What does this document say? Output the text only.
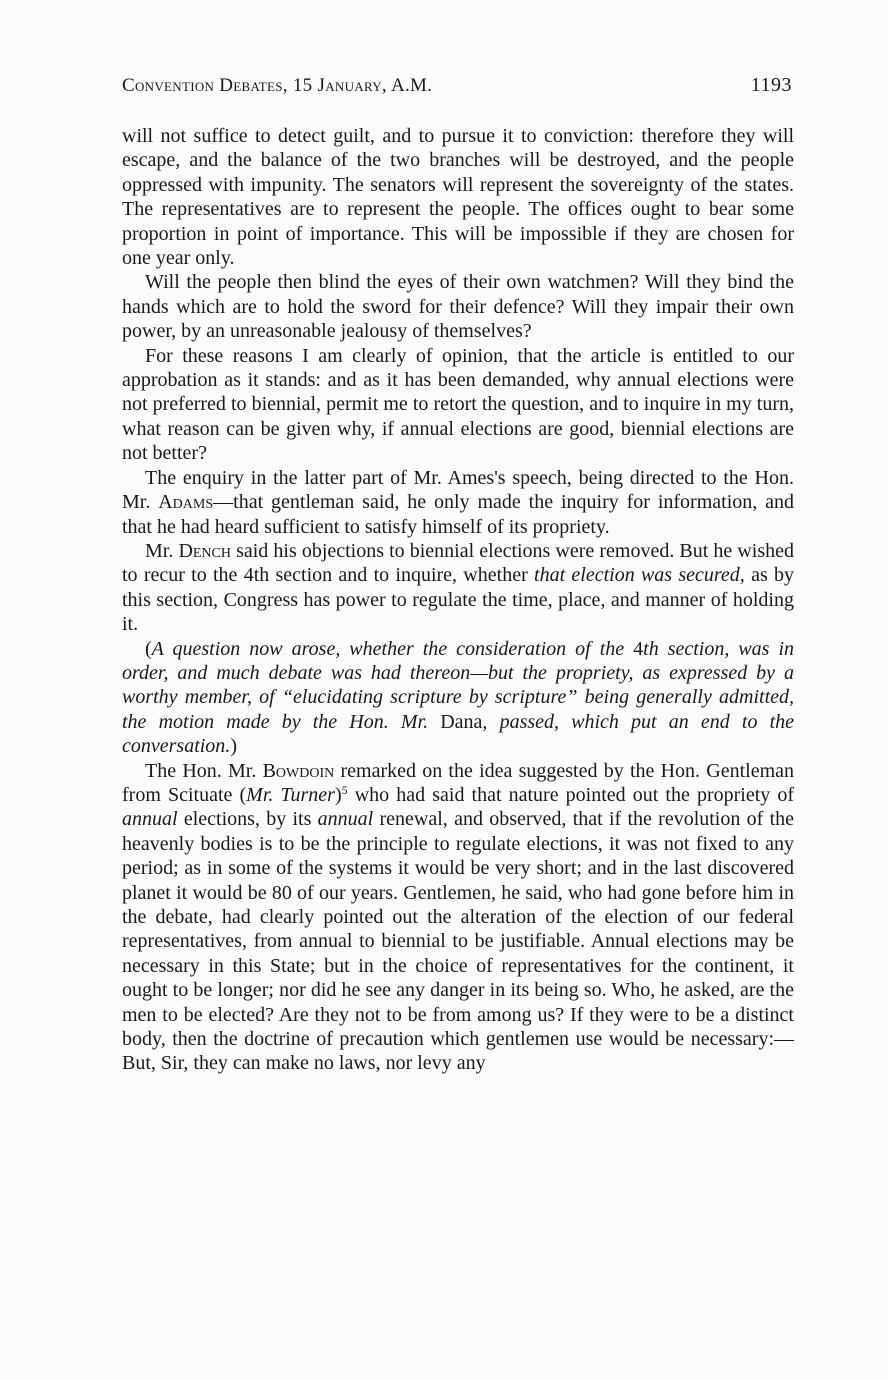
Convention Debates, 15 January, A.M.	1193

will not suffice to detect guilt, and to pursue it to conviction: therefore they will escape, and the balance of the two branches will be destroyed, and the people oppressed with impunity. The senators will represent the sovereignty of the states. The representatives are to represent the people. The offices ought to bear some proportion in point of importance. This will be impossible if they are chosen for one year only.

Will the people then blind the eyes of their own watchmen? Will they bind the hands which are to hold the sword for their defence? Will they impair their own power, by an unreasonable jealousy of themselves?

For these reasons I am clearly of opinion, that the article is entitled to our approbation as it stands: and as it has been demanded, why annual elections were not preferred to biennial, permit me to retort the question, and to inquire in my turn, what reason can be given why, if annual elections are good, biennial elections are not better?

The enquiry in the latter part of Mr. Ames's speech, being directed to the Hon. Mr. Adams—that gentleman said, he only made the inquiry for information, and that he had heard sufficient to satisfy himself of its propriety.

Mr. Dench said his objections to biennial elections were removed. But he wished to recur to the 4th section and to inquire, whether that election was secured, as by this section, Congress has power to regulate the time, place, and manner of holding it.

(A question now arose, whether the consideration of the 4th section, was in order, and much debate was had thereon—but the propriety, as expressed by a worthy member, of “elucidating scripture by scripture” being generally admitted, the motion made by the Hon. Mr. Dana, passed, which put an end to the conversation.)

The Hon. Mr. Bowdoin remarked on the idea suggested by the Hon. Gentleman from Scituate (Mr. Turner)$^5$ who had said that nature pointed out the propriety of annual elections, by its annual renewal, and observed, that if the revolution of the heavenly bodies is to be the principle to regulate elections, it was not fixed to any period; as in some of the systems it would be very short; and in the last discovered planet it would be 80 of our years. Gentlemen, he said, who had gone before him in the debate, had clearly pointed out the alteration of the election of our federal representatives, from annual to biennial to be justifiable. Annual elections may be necessary in this State; but in the choice of representatives for the continent, it ought to be longer; nor did he see any danger in its being so. Who, he asked, are the men to be elected? Are they not to be from among us? If they were to be a distinct body, then the doctrine of precaution which gentlemen use would be necessary:—But, Sir, they can make no laws, nor levy any
